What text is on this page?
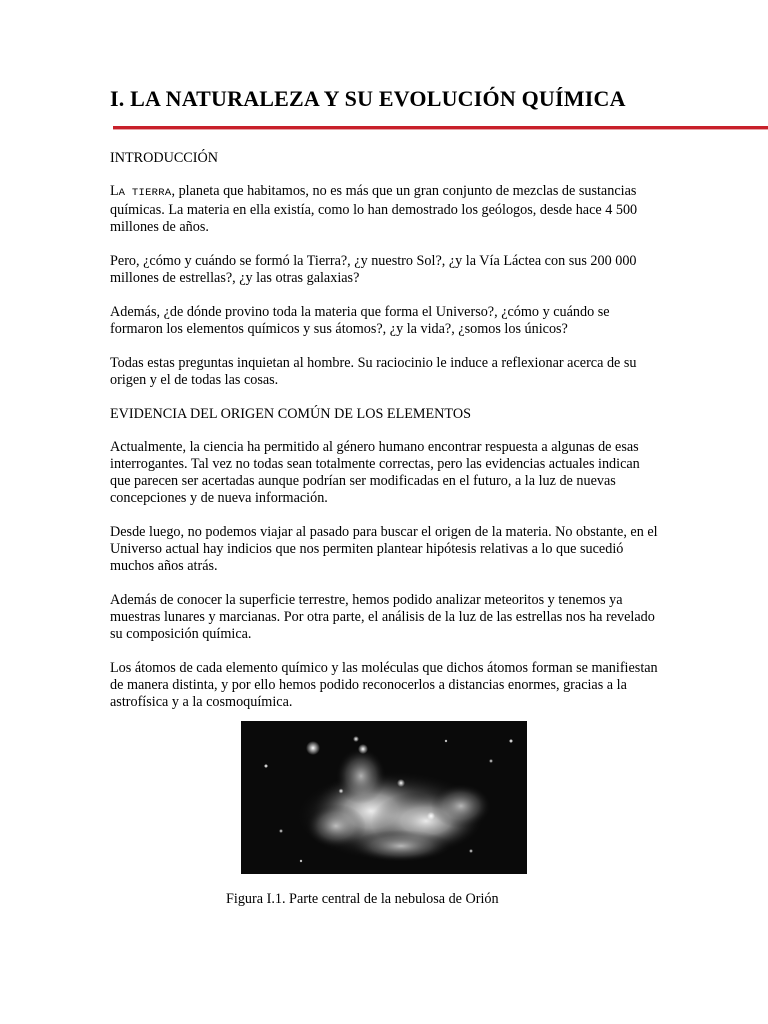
I. LA NATURALEZA Y SU EVOLUCIÓN QUÍMICA

INTRODUCCIÓN

LA TIERRA, planeta que habitamos, no es más que un gran conjunto de mezclas de sustancias químicas. La materia en ella existía, como lo han demostrado los geólogos, desde hace 4 500 millones de años.

Pero, ¿cómo y cuándo se formó la Tierra?, ¿y nuestro Sol?, ¿y la Vía Láctea con sus 200 000 millones de estrellas?, ¿y las otras galaxias?

Además, ¿de dónde provino toda la materia que forma el Universo?, ¿cómo y cuándo se formaron los elementos químicos y sus átomos?, ¿y la vida?, ¿somos los únicos?

Todas estas preguntas inquietan al hombre. Su raciocinio le induce a reflexionar acerca de su origen y el de todas las cosas.

EVIDENCIA DEL ORIGEN COMÚN DE LOS ELEMENTOS

Actualmente, la ciencia ha permitido al género humano encontrar respuesta a algunas de esas interrogantes. Tal vez no todas sean totalmente correctas, pero las evidencias actuales indican que parecen ser acertadas aunque podrían ser modificadas en el futuro, a la luz de nuevas concepciones y de nueva información.

Desde luego, no podemos viajar al pasado para buscar el origen de la materia. No obstante, en el Universo actual hay indicios que nos permiten plantear hipótesis relativas a lo que sucedió muchos años atrás.

Además de conocer la superficie terrestre, hemos podido analizar meteoritos y tenemos ya muestras lunares y marcianas. Por otra parte, el análisis de la luz de las estrellas nos ha revelado su composición química.

Los átomos de cada elemento químico y las moléculas que dichos átomos forman se manifiestan de manera distinta, y por ello hemos podido reconocerlos a distancias enormes, gracias a la astrofísica y a la cosmoquímica.

Figura I.1. Parte central de la nebulosa de Orión
